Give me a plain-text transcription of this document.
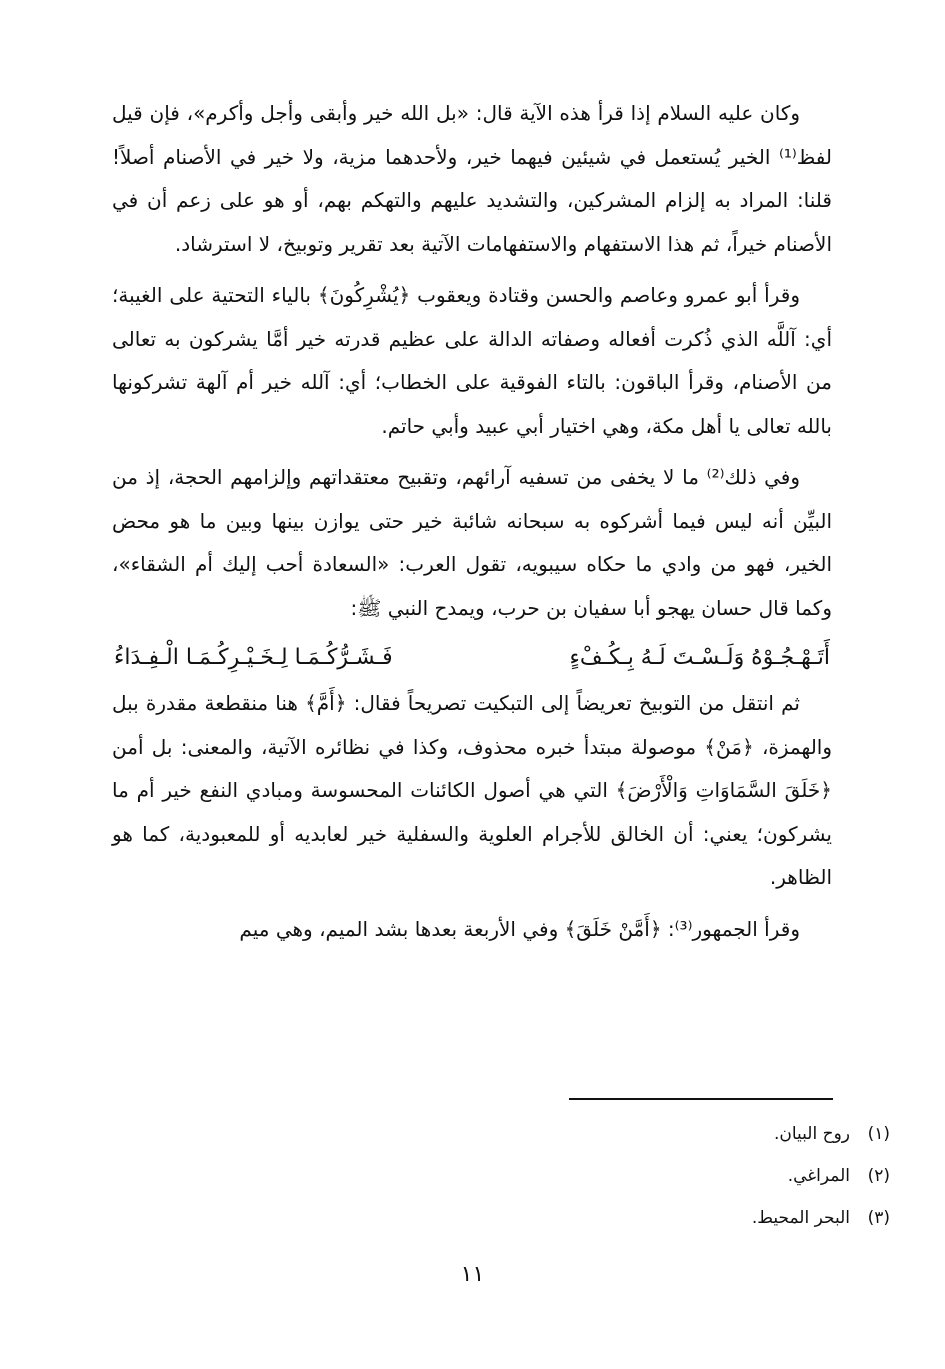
وكان عليه السلام إذا قرأ هذه الآية قال: «بل الله خير وأبقى وأجل وأكرم»، فإن قيل لفظ⁽¹⁾ الخير يُستعمل في شيئين فيهما خير، ولأحدهما مزية، ولا خير في الأصنام أصلاً! قلنا: المراد به إلزام المشركين، والتشديد عليهم والتهكم بهم، أو هو على زعم أن في الأصنام خيراً، ثم هذا الاستفهام والاستفهامات الآتية بعد تقرير وتوبيخ، لا استرشاد.

وقرأ أبو عمرو وعاصم والحسن وقتادة ويعقوب ﴿يُشْرِكُونَ﴾ بالياء التحتية على الغيبة؛ أي: آللَّه الذي ذُكرت أفعاله وصفاته الدالة على عظيم قدرته خير أمَّا يشركون به تعالى من الأصنام، وقرأ الباقون: بالتاء الفوقية على الخطاب؛ أي: آلله خير أم آلهة تشركونها بالله تعالى يا أهل مكة، وهي اختيار أبي عبيد وأبي حاتم.

وفي ذلك⁽²⁾ ما لا يخفى من تسفيه آرائهم، وتقبيح معتقداتهم وإلزامهم الحجة، إذ من البيِّن أنه ليس فيما أشركوه به سبحانه شائبة خير حتى يوازن بينها وبين ما هو محض الخير، فهو من وادي ما حكاه سيبويه، تقول العرب: «السعادة أحب إليك أم الشقاء»، وكما قال حسان يهجو أبا سفيان بن حرب، ويمدح النبي ﷺ:

أَتَـهْـجُـوْهُ وَلَـسْـتَ لَـهُ بِـكُـفْءٍ
فَـشَـرُّكُـمَـا لِـخَـيْـرِكُـمَـا الْـفِـدَاءُ

ثم انتقل من التوبيخ تعريضاً إلى التبكيت تصريحاً فقال: ﴿أَمَّ﴾ هنا منقطعة مقدرة ببل والهمزة، ﴿مَنْ﴾ موصولة مبتدأ خبره محذوف، وكذا في نظائره الآتية، والمعنى: بل أمن ﴿خَلَقَ السَّمَاوَاتِ وَالْأَرْضَ﴾ التي هي أصول الكائنات المحسوسة ومبادي النفع خير أم ما يشركون؛ يعني: أن الخالق للأجرام العلوية والسفلية خير لعابديه أو للمعبودية، كما هو الظاهر.

وقرأ الجمهور⁽³⁾: ﴿أَمَّنْ خَلَقَ﴾ وفي الأربعة بعدها بشد الميم، وهي ميم

(١)
روح البيان.
(٢)
المراغي.
(٣)
البحر المحيط.
١١
